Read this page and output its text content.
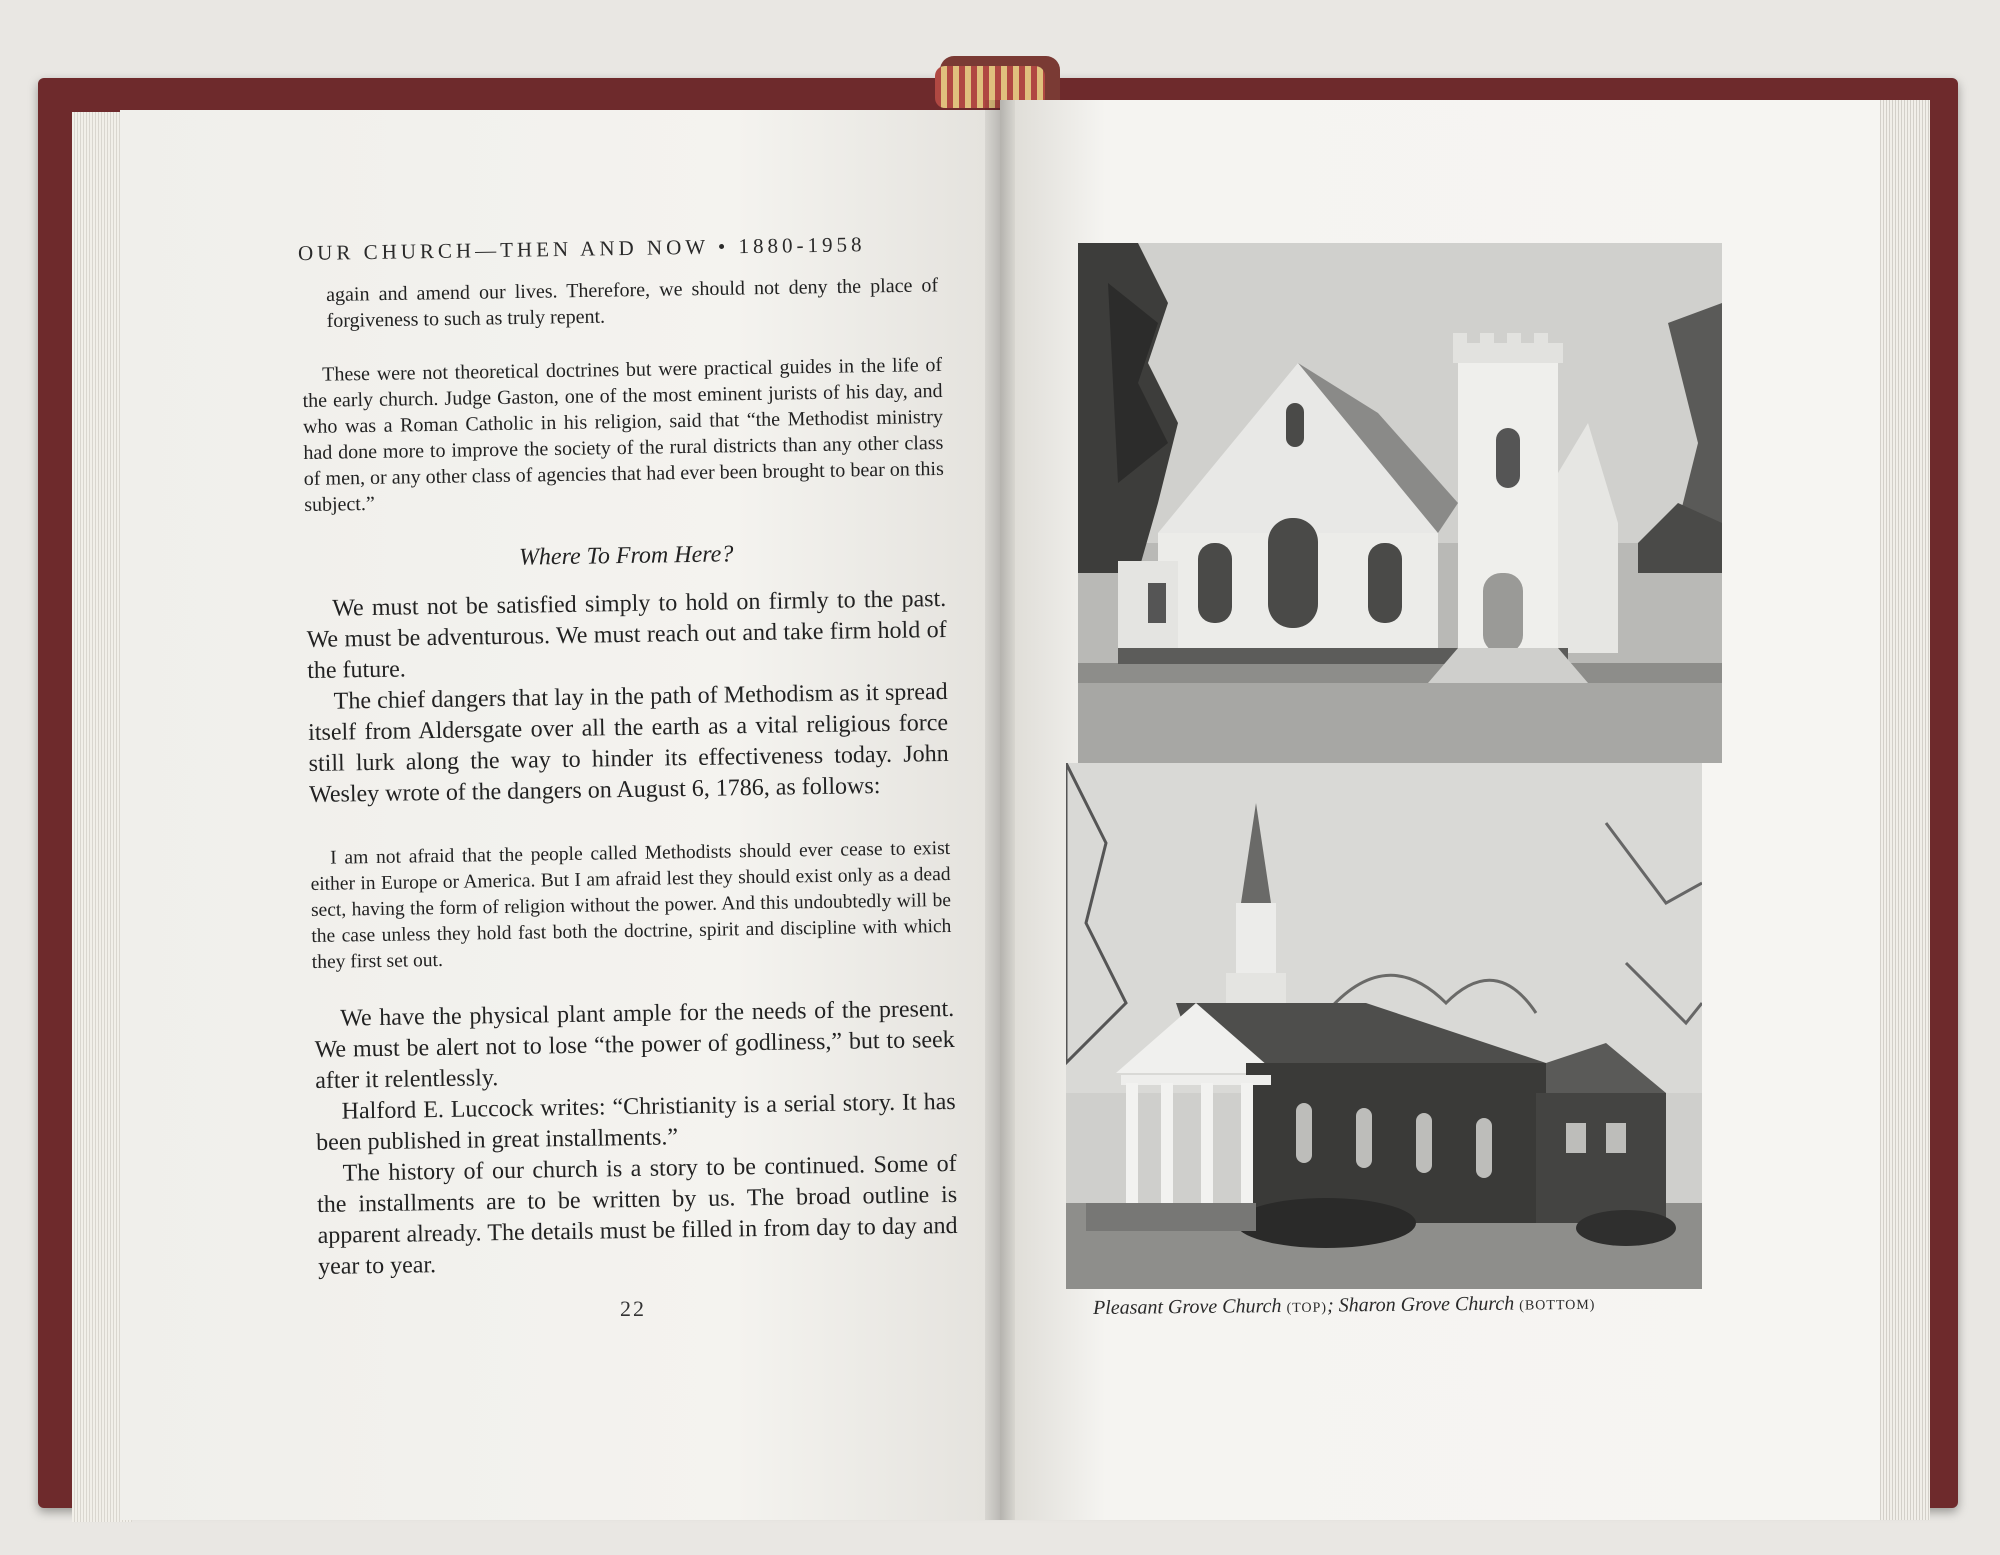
OUR CHURCH—THEN AND NOW • 1880-1958

again and amend our lives. Therefore, we should not deny the place of forgiveness to such as truly repent.

These were not theoretical doctrines but were practical guides in the life of the early church. Judge Gaston, one of the most eminent jurists of his day, and who was a Roman Catholic in his religion, said that “the Methodist ministry had done more to improve the society of the rural districts than any other class of men, or any other class of agencies that had ever been brought to bear on this subject.”

Where To From Here?

We must not be satisfied simply to hold on firmly to the past. We must be adventurous. We must reach out and take firm hold of the future.

The chief dangers that lay in the path of Methodism as it spread itself from Aldersgate over all the earth as a vital religious force still lurk along the way to hinder its effectiveness today. John Wesley wrote of the dangers on August 6, 1786, as follows:

I am not afraid that the people called Methodists should ever cease to exist either in Europe or America. But I am afraid lest they should exist only as a dead sect, having the form of religion without the power. And this undoubtedly will be the case unless they hold fast both the doctrine, spirit and discipline with which they first set out.

We have the physical plant ample for the needs of the present. We must be alert not to lose “the power of godliness,” but to seek after it relentlessly.

Halford E. Luccock writes: “Christianity is a serial story. It has been published in great installments.”

The history of our church is a story to be continued. Some of the installments are to be written by us. The broad outline is apparent already. The details must be filled in from day to day and year to year.

22	Pleasant Grove Church (TOP); Sharon Grove Church (BOTTOM)
